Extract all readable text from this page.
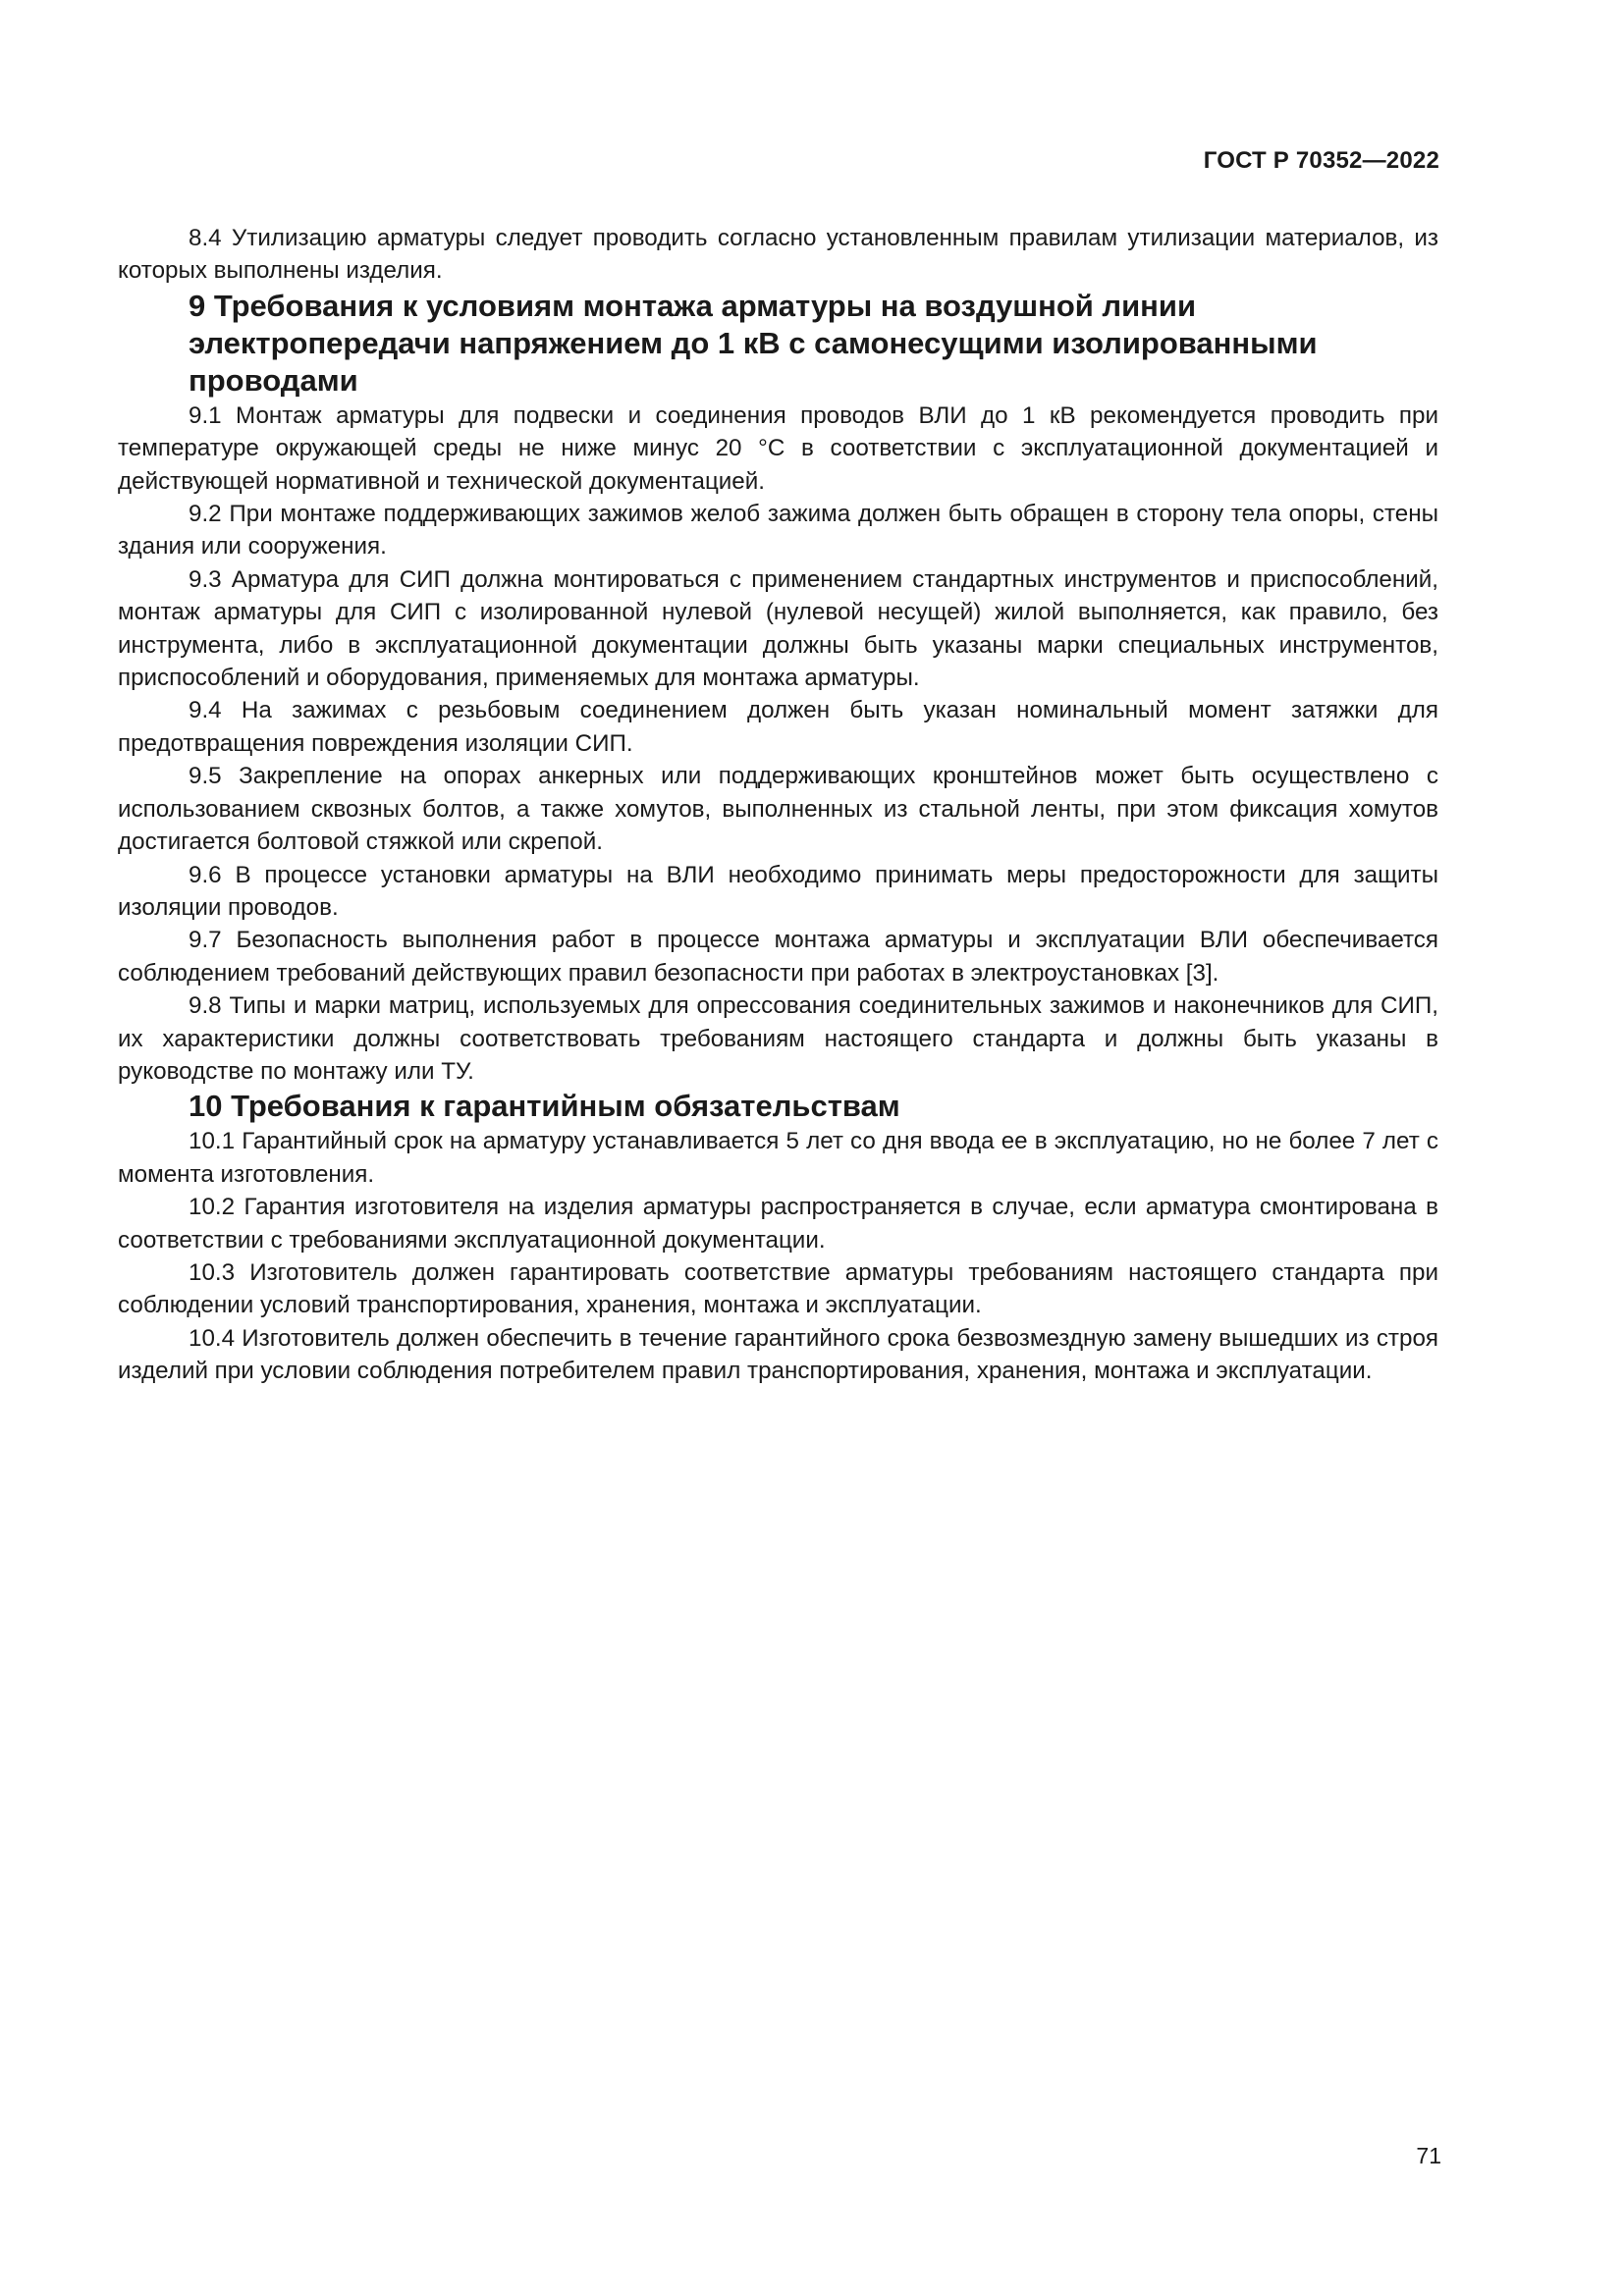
ГОСТ Р 70352—2022

8.4 Утилизацию арматуры следует проводить согласно установленным правилам утилизации материалов, из которых выполнены изделия.

9 Требования к условиям монтажа арматуры на воздушной линии электропередачи напряжением до 1 кВ с самонесущими изолированными проводами

9.1 Монтаж арматуры для подвески и соединения проводов ВЛИ до 1 кВ рекомендуется проводить при температуре окружающей среды не ниже минус 20 °С в соответствии с эксплуатационной документацией и действующей нормативной и технической документацией.

9.2 При монтаже поддерживающих зажимов желоб зажима должен быть обращен в сторону тела опоры, стены здания или сооружения.

9.3 Арматура для СИП должна монтироваться с применением стандартных инструментов и приспособлений, монтаж арматуры для СИП с изолированной нулевой (нулевой несущей) жилой выполняется, как правило, без инструмента, либо в эксплуатационной документации должны быть указаны марки специальных инструментов, приспособлений и оборудования, применяемых для монтажа арматуры.

9.4 На зажимах с резьбовым соединением должен быть указан номинальный момент затяжки для предотвращения повреждения изоляции СИП.

9.5 Закрепление на опорах анкерных или поддерживающих кронштейнов может быть осуществлено с использованием сквозных болтов, а также хомутов, выполненных из стальной ленты, при этом фиксация хомутов достигается болтовой стяжкой или скрепой.

9.6 В процессе установки арматуры на ВЛИ необходимо принимать меры предосторожности для защиты изоляции проводов.

9.7 Безопасность выполнения работ в процессе монтажа арматуры и эксплуатации ВЛИ обеспечивается соблюдением требований действующих правил безопасности при работах в электроустановках [3].

9.8 Типы и марки матриц, используемых для опрессования соединительных зажимов и наконечников для СИП, их характеристики должны соответствовать требованиям настоящего стандарта и должны быть указаны в руководстве по монтажу или ТУ.

10 Требования к гарантийным обязательствам

10.1 Гарантийный срок на арматуру устанавливается 5 лет со дня ввода ее в эксплуатацию, но не более 7 лет с момента изготовления.

10.2 Гарантия изготовителя на изделия арматуры распространяется в случае, если арматура смонтирована в соответствии с требованиями эксплуатационной документации.

10.3 Изготовитель должен гарантировать соответствие арматуры требованиям настоящего стандарта при соблюдении условий транспортирования, хранения, монтажа и эксплуатации.

10.4 Изготовитель должен обеспечить в течение гарантийного срока безвозмездную замену вышедших из строя изделий при условии соблюдения потребителем правил транспортирования, хранения, монтажа и эксплуатации.

71
